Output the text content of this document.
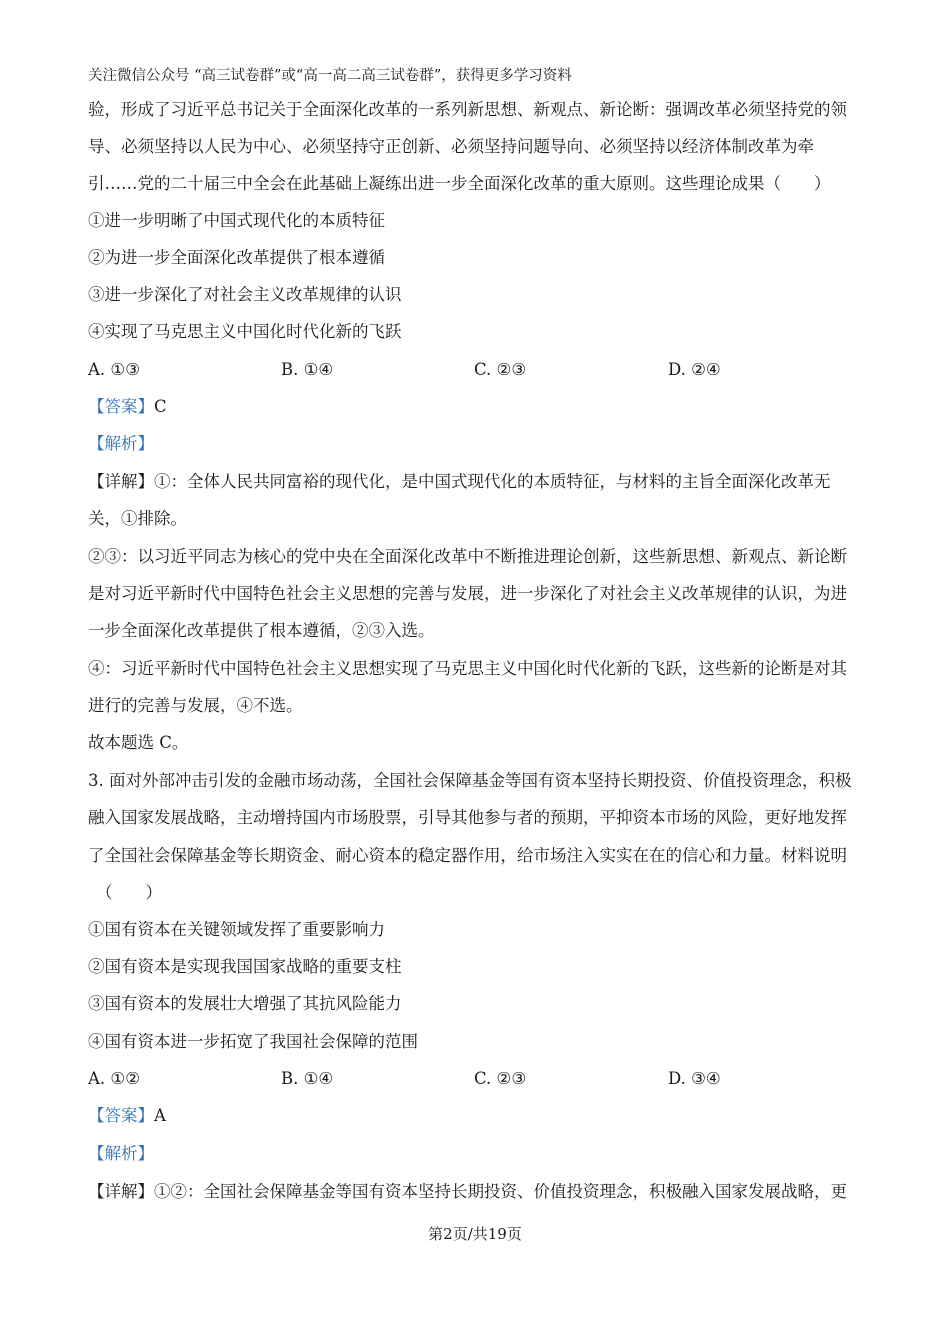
关注微信公众号 “高三试卷群”或“高一高二高三试卷群”，获得更多学习资料
验，形成了习近平总书记关于全面深化改革的一系列新思想、新观点、新论断：强调改革必须坚持党的领
导、必须坚持以人民为中心、必须坚持守正创新、必须坚持问题导向、必须坚持以经济体制改革为牵
引……党的二十届三中全会在此基础上凝练出进一步全面深化改革的重大原则。这些理论成果（　　）
①进一步明晰了中国式现代化的本质特征
②为进一步全面深化改革提供了根本遵循
③进一步深化了对社会主义改革规律的认识
④实现了马克思主义中国化时代化新的飞跃
A. ①③	B. ①④	C. ②③	D. ②④
【答案】C
【解析】
【详解】①：全体人民共同富裕的现代化，是中国式现代化的本质特征，与材料的主旨全面深化改革无
关，①排除。
②③：以习近平同志为核心的党中央在全面深化改革中不断推进理论创新，这些新思想、新观点、新论断
是对习近平新时代中国特色社会主义思想的完善与发展，进一步深化了对社会主义改革规律的认识，为进
一步全面深化改革提供了根本遵循，②③入选。
④：习近平新时代中国特色社会主义思想实现了马克思主义中国化时代化新的飞跃，这些新的论断是对其
进行的完善与发展，④不选。
故本题选 C。
3. 面对外部冲击引发的金融市场动荡，全国社会保障基金等国有资本坚持长期投资、价值投资理念，积极
融入国家发展战略，主动增持国内市场股票，引导其他参与者的预期，平抑资本市场的风险，更好地发挥
了全国社会保障基金等长期资金、耐心资本的稳定器作用，给市场注入实实在在的信心和力量。材料说明
（　　）
①国有资本在关键领域发挥了重要影响力
②国有资本是实现我国国家战略的重要支柱
③国有资本的发展壮大增强了其抗风险能力
④国有资本进一步拓宽了我国社会保障的范围
A. ①②	B. ①④	C. ②③	D. ③④
【答案】A
【解析】
【详解】①②：全国社会保障基金等国有资本坚持长期投资、价值投资理念，积极融入国家发展战略，更
第2页/共19页
